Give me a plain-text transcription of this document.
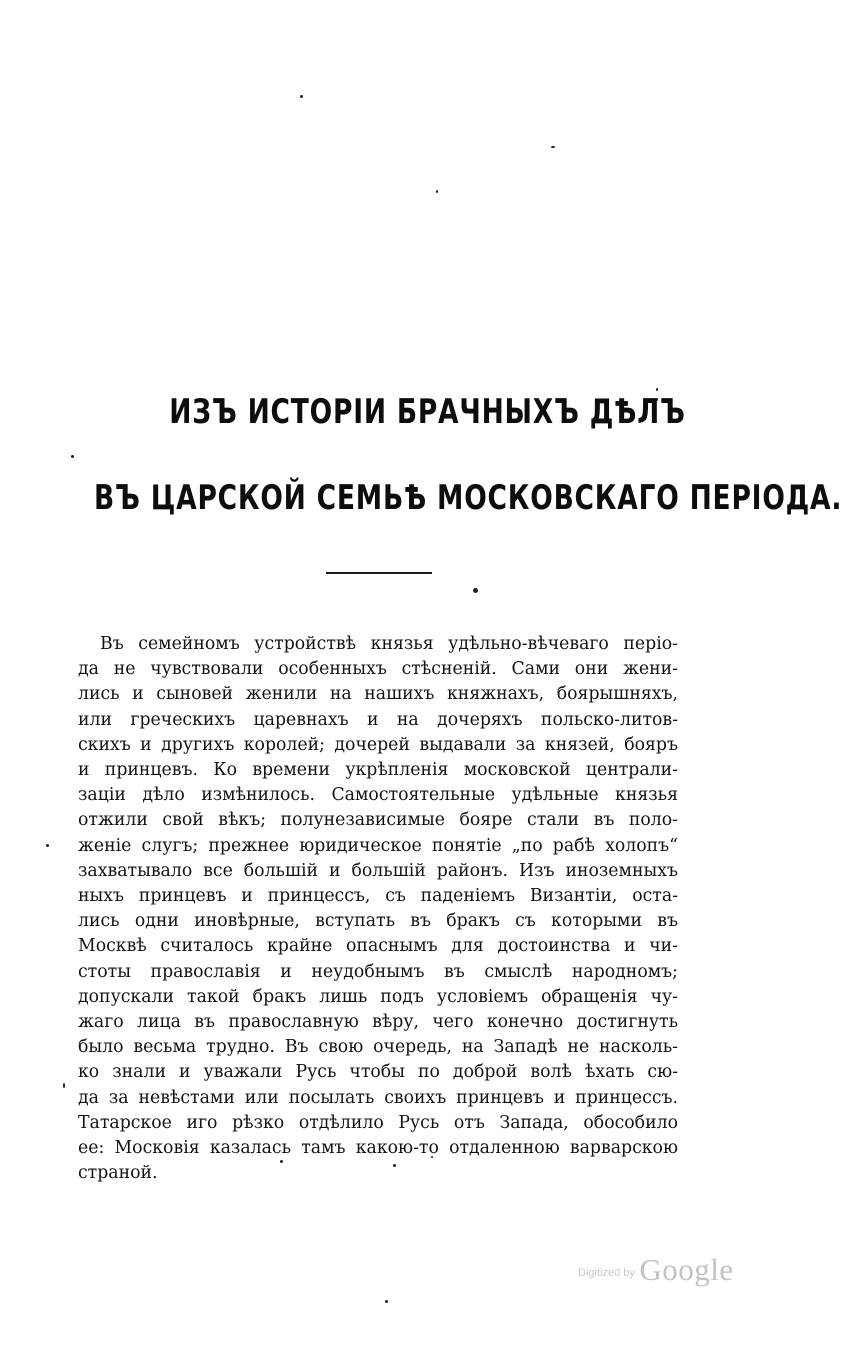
ИЗЪ ИСТОРІИ БРАЧНЫХЪ ДѢЛЪ
ВЪ ЦАРСКОЙ СЕМЬѢ МОСКОВСКАГО ПЕРІОДА.
Въ семейномъ устройствѣ князья удѣльно-вѣчеваго періо-
да не чувствовали особенныхъ стѣсненій. Сами они жени-
лись и сыновей женили на нашихъ княжнахъ, боярышняхъ,
или греческихъ царевнахъ и на дочеряхъ польско-литов-
скихъ и другихъ королей; дочерей выдавали за князей, бояръ
и принцевъ. Ко времени укрѣпленія московской централи-
заціи дѣло измѣнилось. Самостоятельные удѣльные князья
отжили свой вѣкъ; полунезависимые бояре стали въ поло-
женіе слугъ; прежнее юридическое понятіе „по рабѣ холопъ“
захватывало все большій и большій районъ. Изъ иноземныхъ
ныхъ принцевъ и принцессъ, съ паденіемъ Византіи, оста-
лись одни иновѣрные, вступать въ бракъ съ которыми въ
Москвѣ считалось крайне опаснымъ для достоинства и чи-
стоты православія и неудобнымъ въ смыслѣ народномъ;
допускали такой бракъ лишь подъ условіемъ обращенія чу-
жаго лица въ православную вѣру, чего конечно достигнуть
было весьма трудно. Въ свою очередь, на Западѣ не насколь-
ко знали и уважали Русь чтобы по доброй волѣ ѣхать сю-
да за невѣстами или посылать своихъ принцевъ и принцессъ.
Татарское иго рѣзко отдѣлило Русь отъ Запада, обособило
ее: Московія казалась тамъ какою-то отдаленною варварскою
страной.
$^{Digitized by}$ Google
